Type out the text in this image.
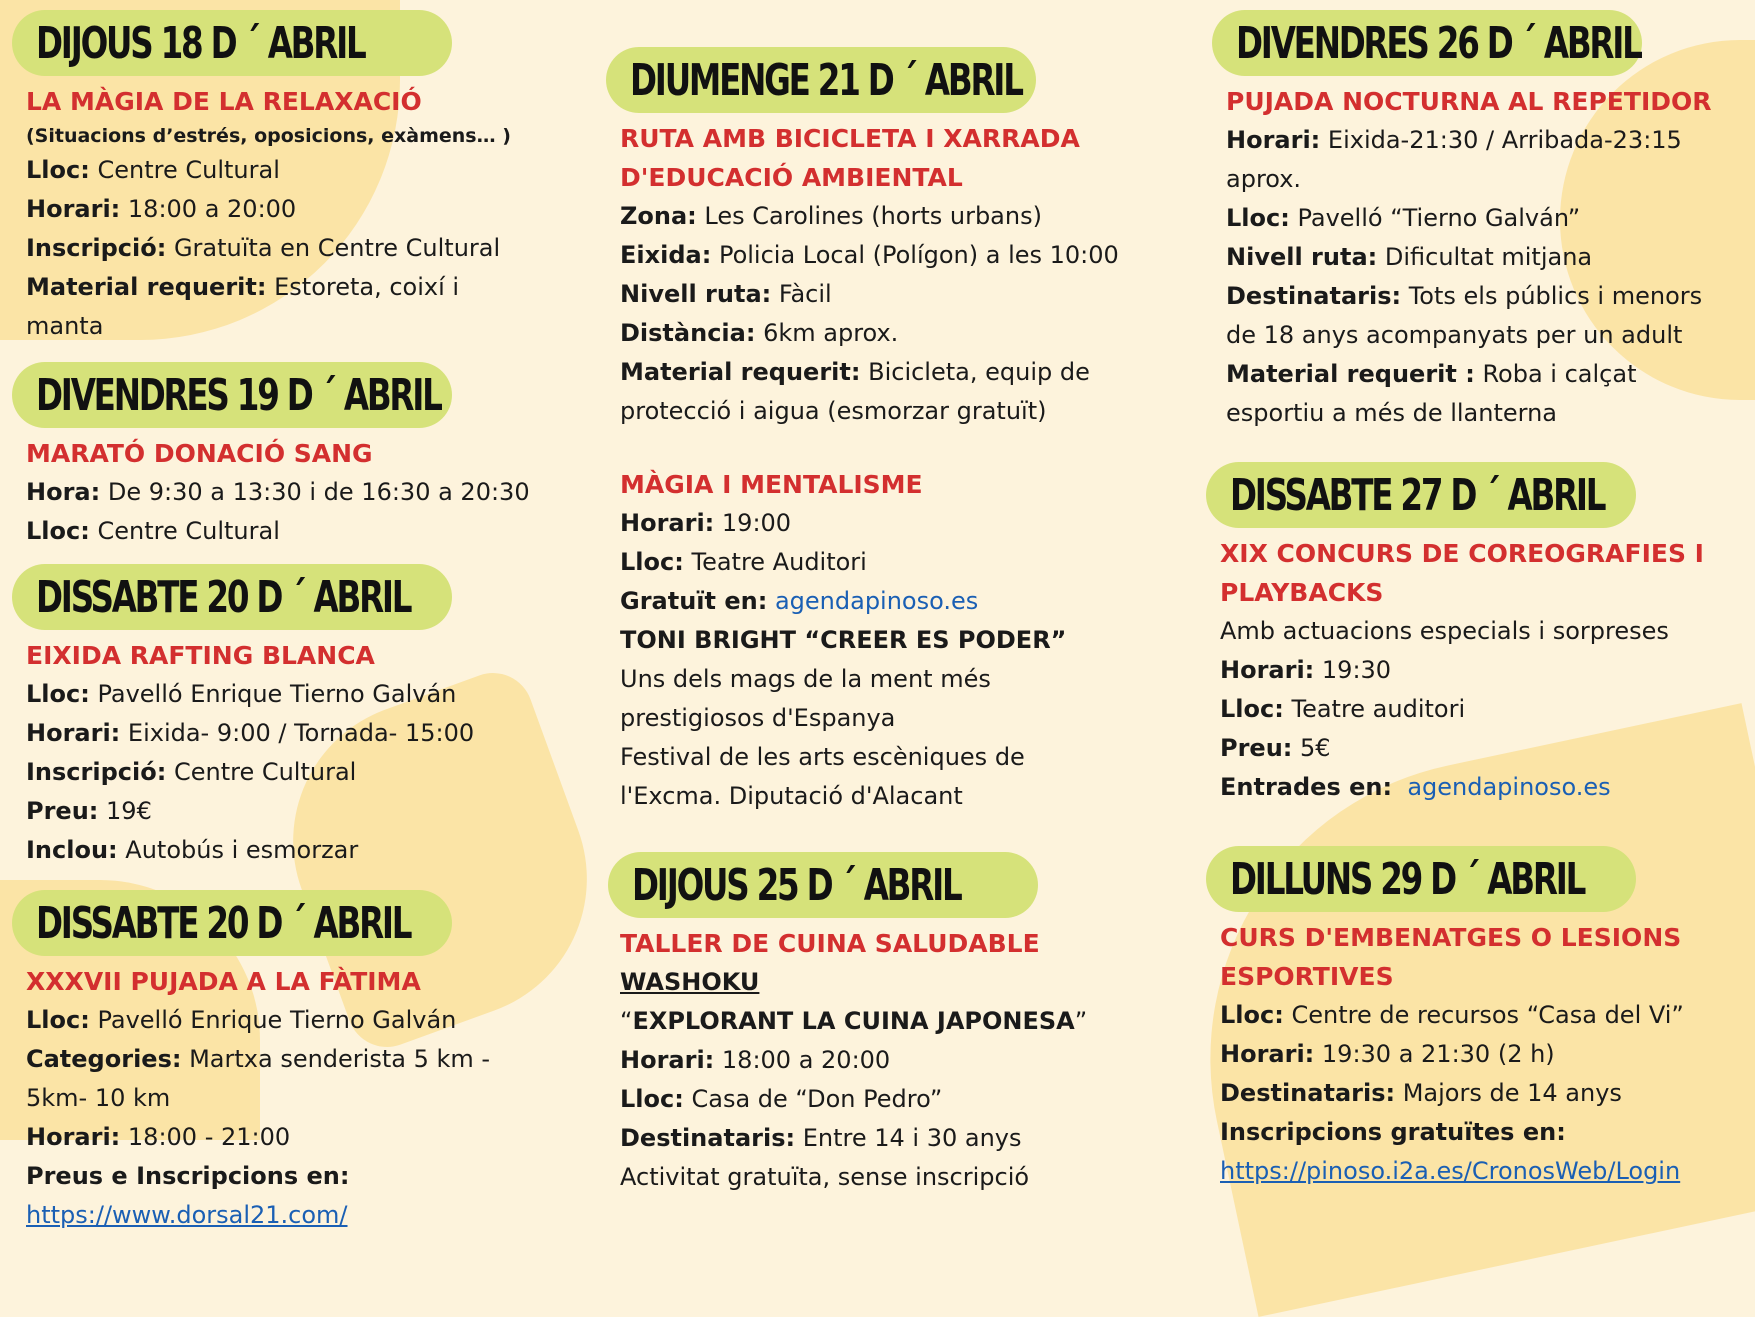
DIJOUS 18 D ´ ABRIL

LA MÀGIA DE LA RELAXACIÓ

(Situacions d’estrés, oposicions, exàmens… )

Lloc: Centre Cultural

Horari: 18:00 a 20:00

Inscripció: Gratuïta en Centre Cultural

Material requerit: Estoreta, coixí i

manta

DIVENDRES 19 D ´ ABRIL

MARATÓ DONACIÓ SANG

Hora: De 9:30 a 13:30 i de 16:30 a 20:30

Lloc: Centre Cultural

DISSABTE 20 D ´ ABRIL

EIXIDA RAFTING BLANCA

Lloc: Pavelló Enrique Tierno Galván

Horari: Eixida- 9:00 / Tornada- 15:00

Inscripció: Centre Cultural

Preu: 19€

Inclou: Autobús i esmorzar

DISSABTE 20 D ´ ABRIL

XXXVII PUJADA A LA FÀTIMA

Lloc: Pavelló Enrique Tierno Galván

Categories: Martxa senderista 5 km -

5km- 10 km

Horari: 18:00 - 21:00

Preus e Inscripcions en:

https://www.dorsal21.com/

DIUMENGE 21 D ´ ABRIL

RUTA AMB BICICLETA I XARRADA

D'EDUCACIÓ AMBIENTAL

Zona: Les Carolines (horts urbans)

Eixida: Policia Local (Polígon) a les 10:00

Nivell ruta: Fàcil

Distància: 6km aprox.

Material requerit: Bicicleta, equip de

protecció i aigua (esmorzar gratuït)

MÀGIA I MENTALISME

Horari: 19:00

Lloc: Teatre Auditori

Gratuït en: agendapinoso.es

TONI BRIGHT “CREER ES PODER”

Uns dels mags de la ment més

prestigiosos d'Espanya

Festival de les arts escèniques de

l'Excma. Diputació d'Alacant

DIJOUS 25 D ´ ABRIL

TALLER DE CUINA SALUDABLE

WASHOKU

“EXPLORANT LA CUINA JAPONESA”

Horari: 18:00 a 20:00

Lloc: Casa de “Don Pedro”

Destinataris: Entre 14 i 30 anys

Activitat gratuïta, sense inscripció

DIVENDRES 26 D ´ ABRIL

PUJADA NOCTURNA AL REPETIDOR

Horari: Eixida-21:30 / Arribada-23:15

aprox.

Lloc: Pavelló “Tierno Galván”

Nivell ruta: Dificultat mitjana

Destinataris: Tots els públics i menors

de 18 anys acompanyats per un adult

Material requerit : Roba i calçat

esportiu a més de llanterna

DISSABTE 27 D ´ ABRIL

XIX CONCURS DE COREOGRAFIES I

PLAYBACKS

Amb actuacions especials i sorpreses

Horari: 19:30

Lloc: Teatre auditori

Preu: 5€

Entrades en: agendapinoso.es

DILLUNS 29 D ´ ABRIL

CURS D'EMBENATGES O LESIONS

ESPORTIVES

Lloc: Centre de recursos “Casa del Vi”

Horari: 19:30 a 21:30 (2 h)

Destinataris: Majors de 14 anys

Inscripcions gratuïtes en:

https://pinoso.i2a.es/CronosWeb/Login
